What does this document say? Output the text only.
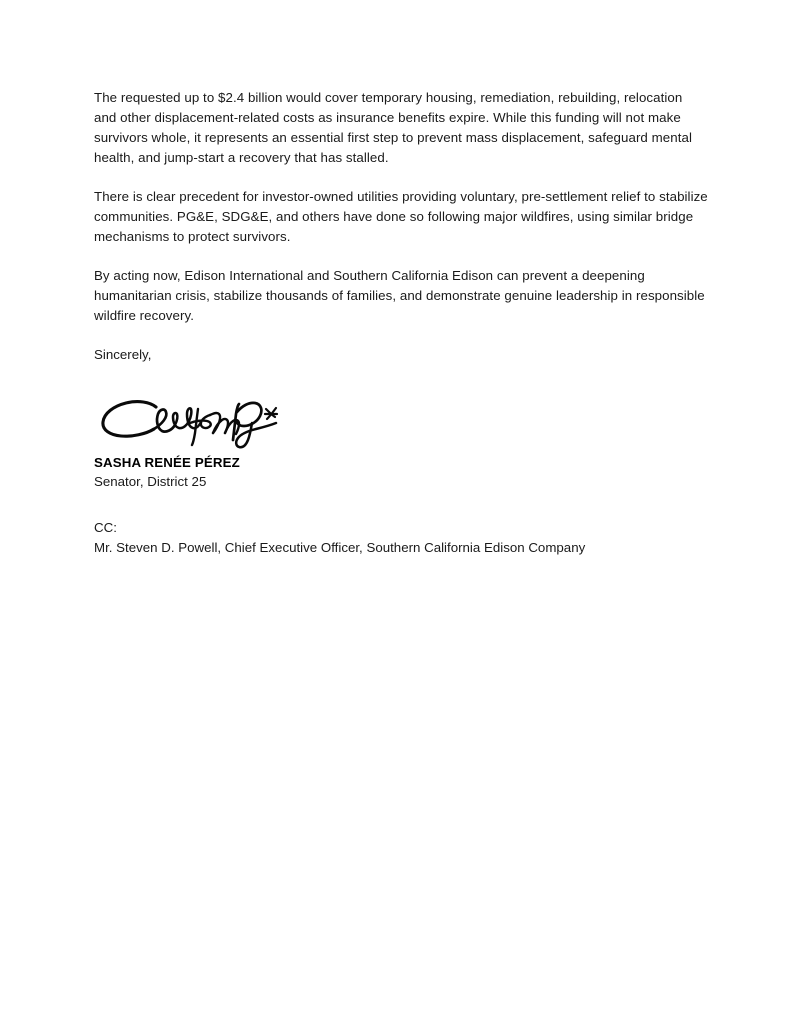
The requested up to $2.4 billion would cover temporary housing, remediation, rebuilding, relocation and other displacement-related costs as insurance benefits expire. While this funding will not make survivors whole, it represents an essential first step to prevent mass displacement, safeguard mental health, and jump-start a recovery that has stalled.

There is clear precedent for investor-owned utilities providing voluntary, pre-settlement relief to stabilize communities. PG&E, SDG&E, and others have done so following major wildfires, using similar bridge mechanisms to protect survivors.

By acting now, Edison International and Southern California Edison can prevent a deepening humanitarian crisis, stabilize thousands of families, and demonstrate genuine leadership in responsible wildfire recovery.

Sincerely,

SASHA RENÉE PÉREZ

Senator, District 25

CC:

Mr. Steven D. Powell, Chief Executive Officer, Southern California Edison Company
